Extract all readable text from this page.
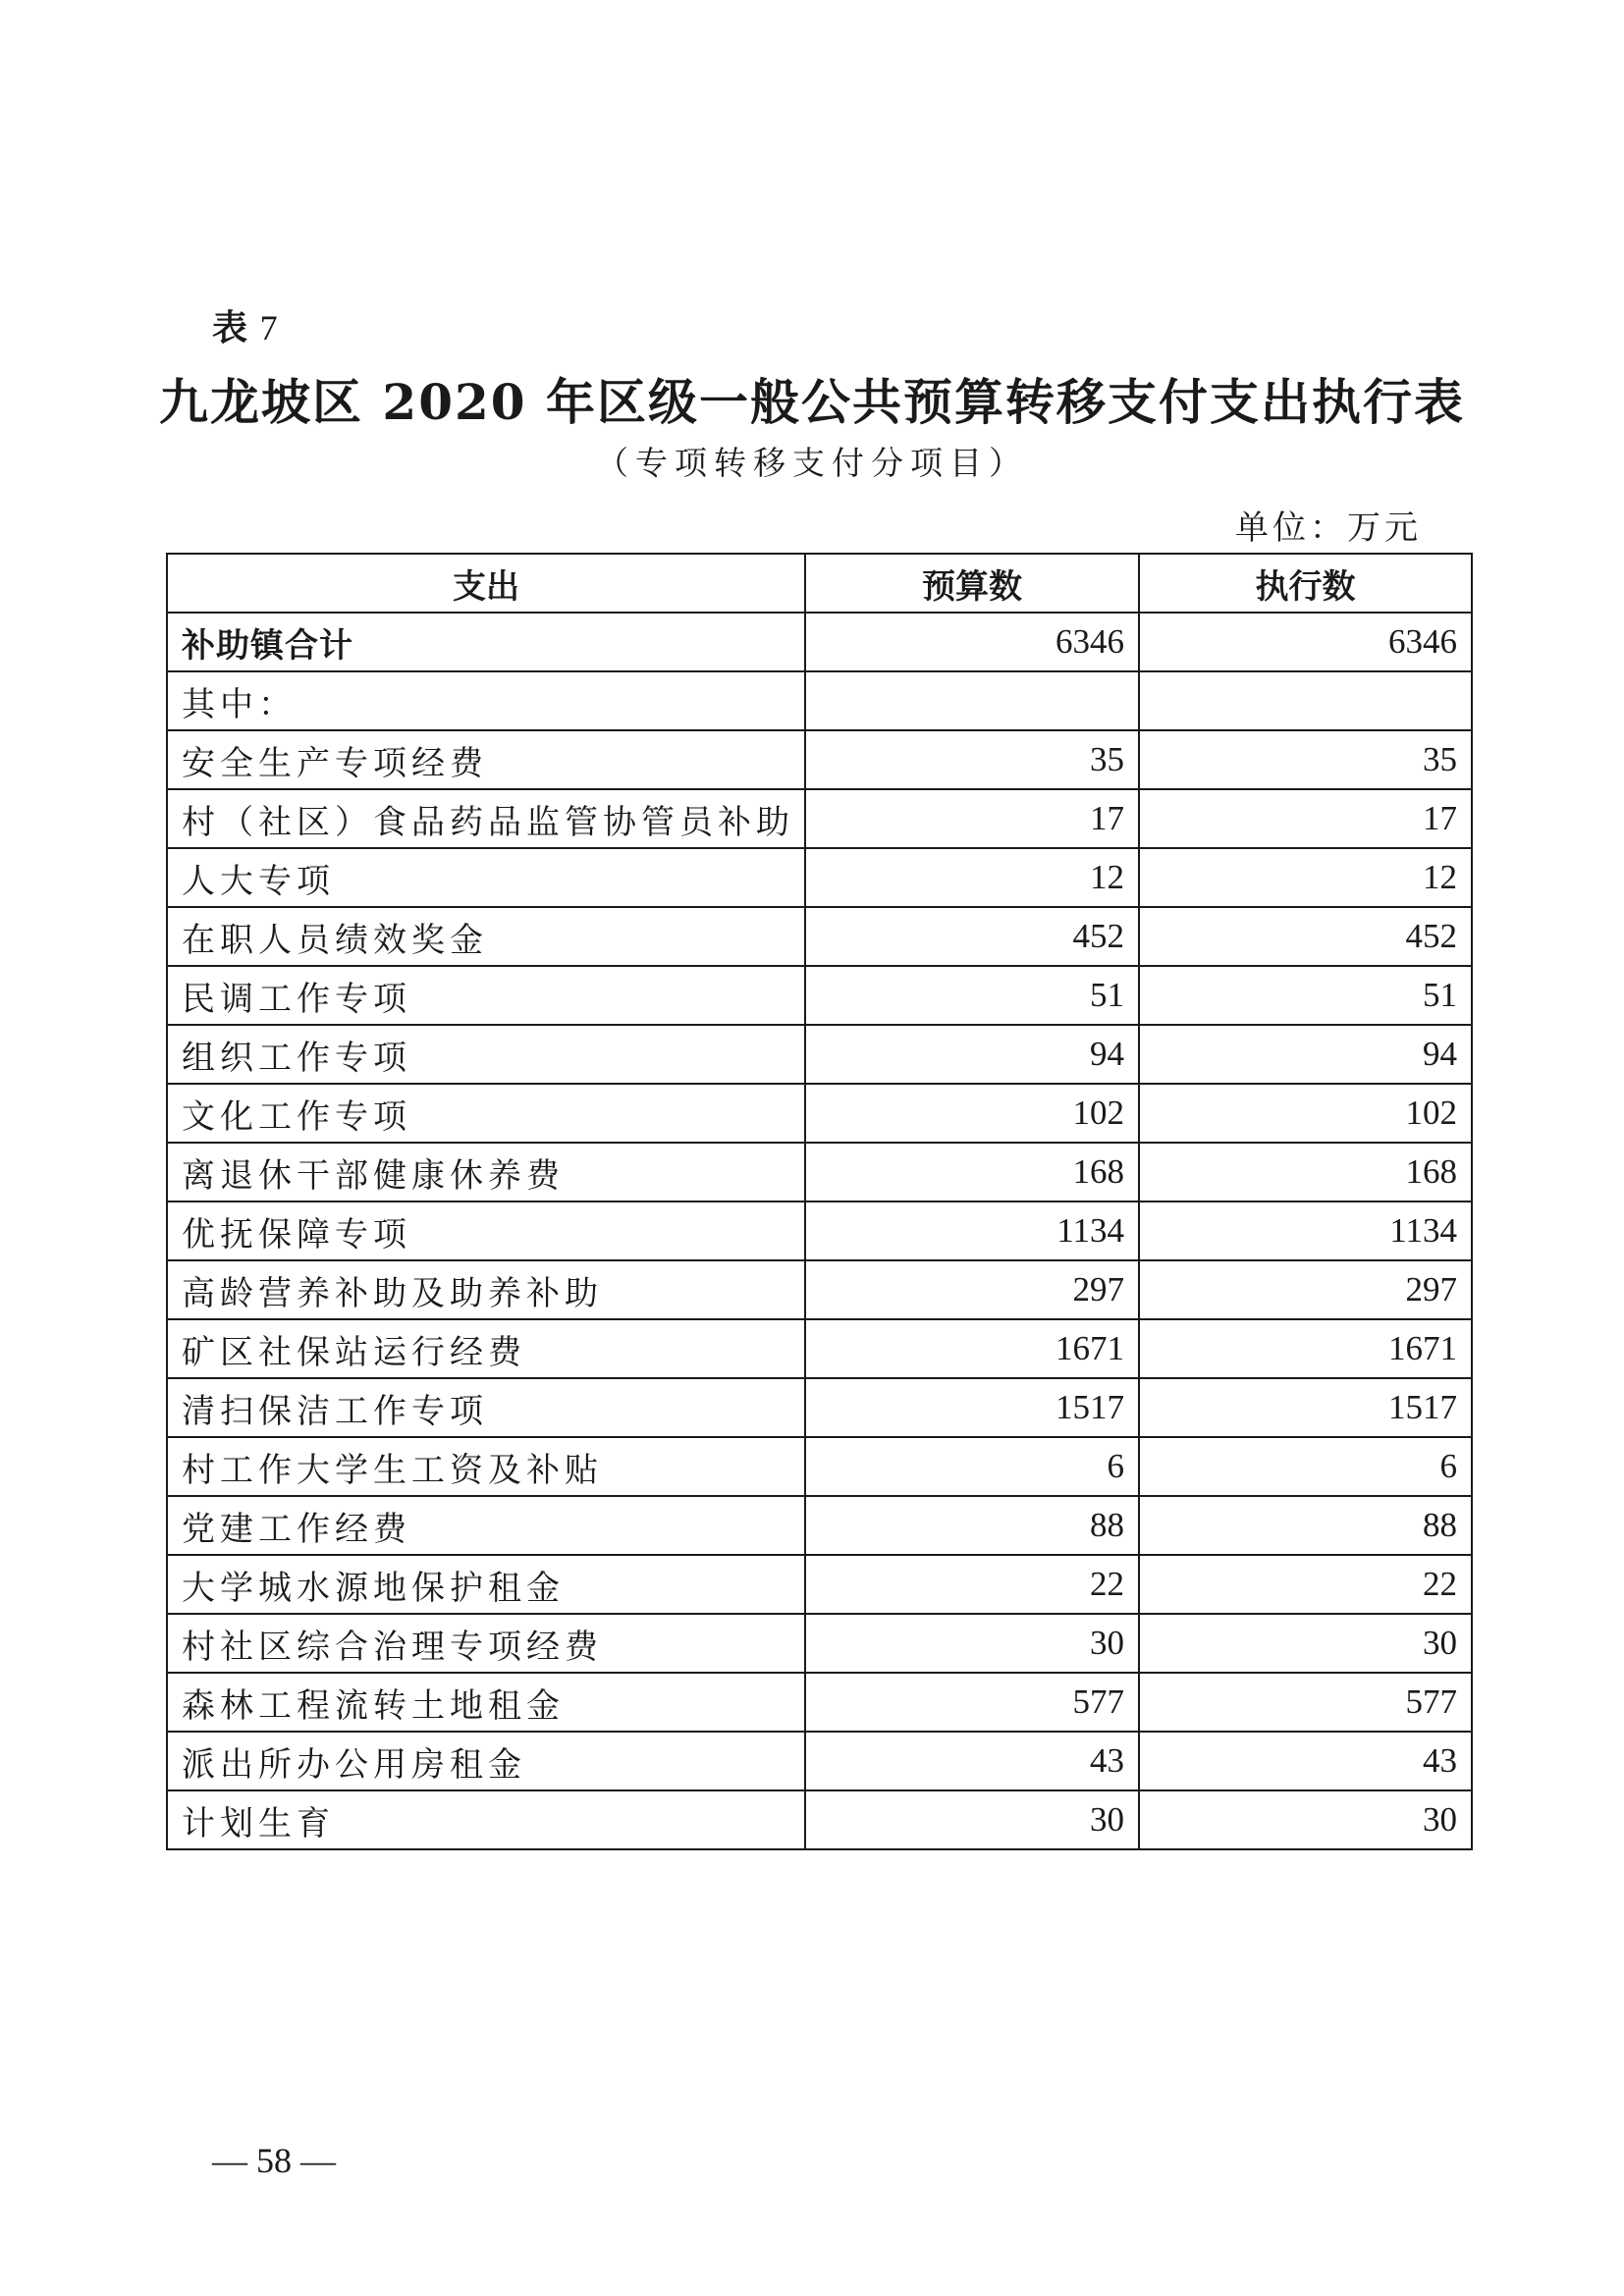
表 7
九龙坡区 2020 年区级一般公共预算转移支付支出执行表
（专项转移支付分项目）
单位：万元
支出	预算数	执行数
补助镇合计	6346	6346
其中：		
安全生产专项经费	35	35
村（社区）食品药品监管协管员补助	17	17
人大专项	12	12
在职人员绩效奖金	452	452
民调工作专项	51	51
组织工作专项	94	94
文化工作专项	102	102
离退休干部健康休养费	168	168
优抚保障专项	1134	1134
高龄营养补助及助养补助	297	297
矿区社保站运行经费	1671	1671
清扫保洁工作专项	1517	1517
村工作大学生工资及补贴	6	6
党建工作经费	88	88
大学城水源地保护租金	22	22
村社区综合治理专项经费	30	30
森林工程流转土地租金	577	577
派出所办公用房租金	43	43
计划生育	30	30
— 58 —
